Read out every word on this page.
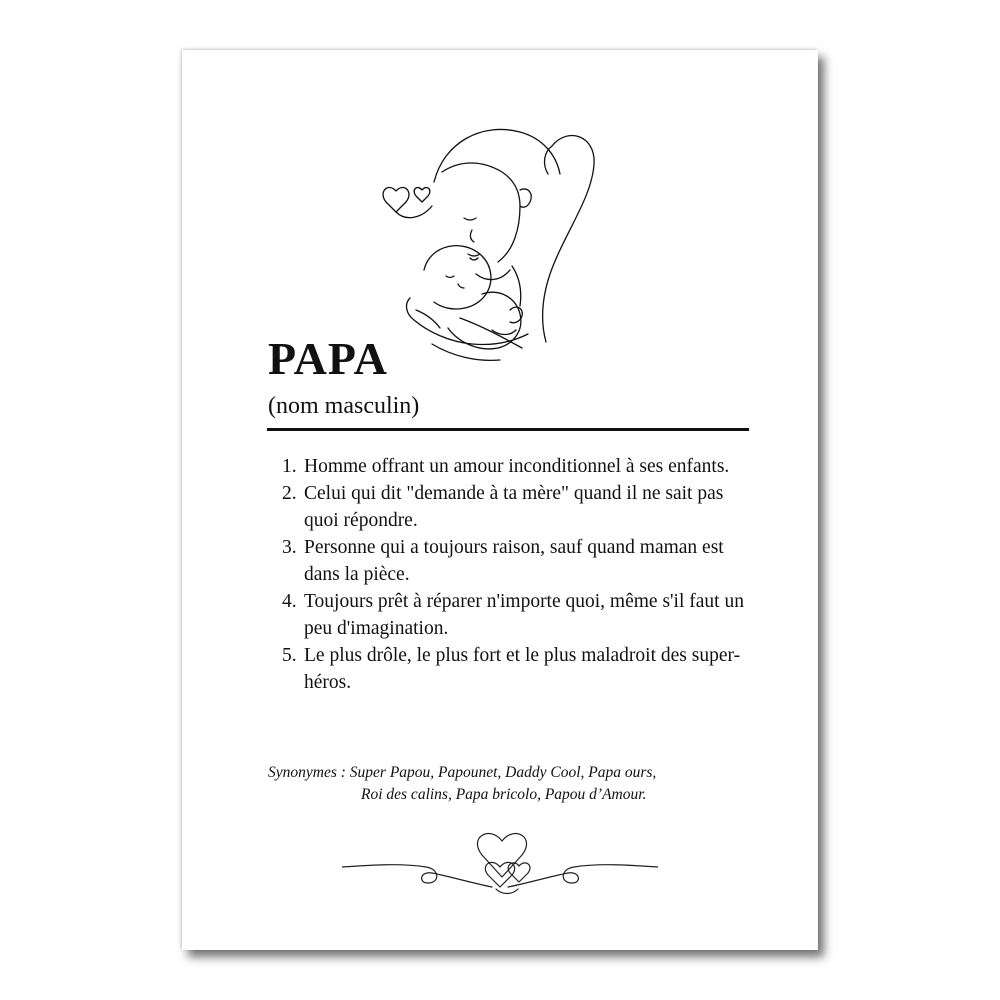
PAPA

(nom masculin)

1. Homme offrant un amour inconditionnel à ses enfants.
2. Celui qui dit "demande à ta mère" quand il ne sait pas quoi répondre.
3. Personne qui a toujours raison, sauf quand maman est dans la pièce.
4. Toujours prêt à réparer n'importe quoi, même s'il faut un peu d'imagination.
5. Le plus drôle, le plus fort et le plus maladroit des super-héros.

Synonymes : Super Papou, Papounet, Daddy Cool, Papa ours,
Roi des calins, Papa bricolo, Papou d’Amour.
